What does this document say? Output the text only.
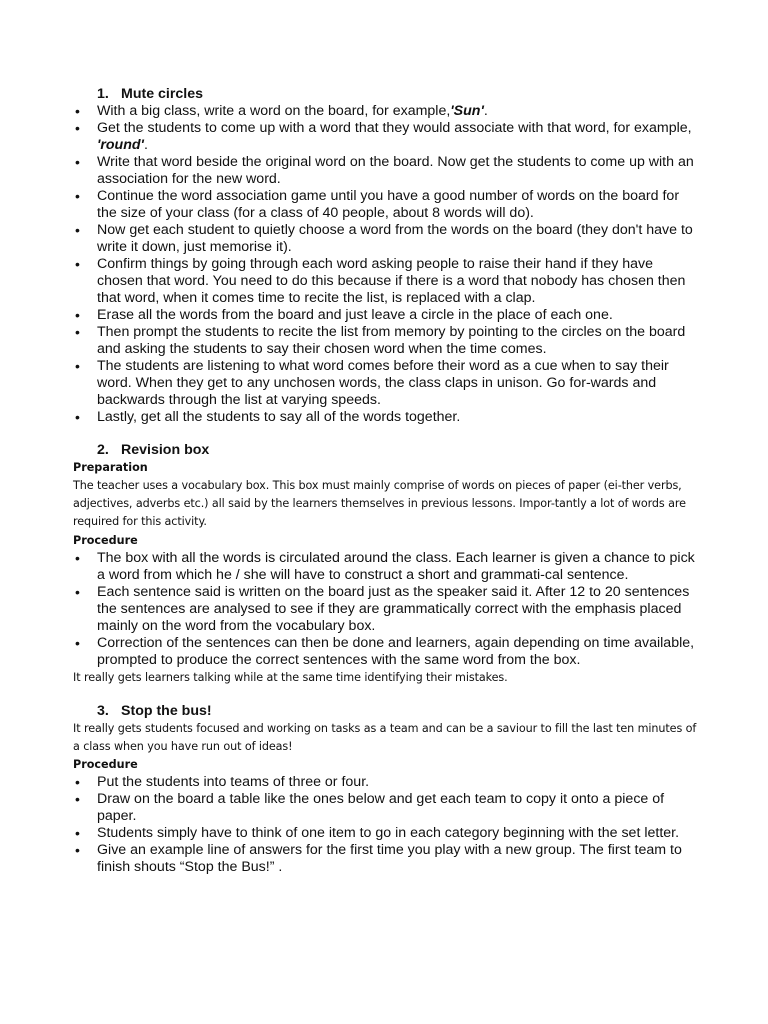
1. Mute circles
• With a big class, write a word on the board, for example,'Sun'.
• Get the students to come up with a word that they would associate with that word, for example, 'round'.
• Write that word beside the original word on the board. Now get the students to come up with an association for the new word.
• Continue the word association game until you have a good number of words on the board for the size of your class (for a class of 40 people, about 8 words will do).
• Now get each student to quietly choose a word from the words on the board (they don't have to write it down, just memorise it).
• Confirm things by going through each word asking people to raise their hand if they have chosen that word. You need to do this because if there is a word that nobody has chosen then that word, when it comes time to recite the list, is replaced with a clap.
• Erase all the words from the board and just leave a circle in the place of each one.
• Then prompt the students to recite the list from memory by pointing to the circles on the board and asking the students to say their chosen word when the time comes.
• The students are listening to what word comes before their word as a cue when to say their word. When they get to any unchosen words, the class claps in unison. Go for-wards and backwards through the list at varying speeds.
• Lastly, get all the students to say all of the words together.
2. Revision box

Preparation

The teacher uses a vocabulary box. This box must mainly comprise of words on pieces of paper (ei-ther verbs, adjectives, adverbs etc.) all said by the learners themselves in previous lessons. Impor-tantly a lot of words are required for this activity.

Procedure

• The box with all the words is circulated around the class. Each learner is given a chance to pick a word from which he / she will have to construct a short and grammati-cal sentence.
• Each sentence said is written on the board just as the speaker said it. After 12 to 20 sentences the sentences are analysed to see if they are grammatically correct with the emphasis placed mainly on the word from the vocabulary box.
• Correction of the sentences can then be done and learners, again depending on time available, prompted to produce the correct sentences with the same word from the box.

It really gets learners talking while at the same time identifying their mistakes.

3. Stop the bus!

It really gets students focused and working on tasks as a team and can be a saviour to fill the last ten minutes of a class when you have run out of ideas!

Procedure

• Put the students into teams of three or four.
• Draw on the board a table like the ones below and get each team to copy it onto a piece of paper.
• Students simply have to think of one item to go in each category beginning with the set letter.
• Give an example line of answers for the first time you play with a new group. The first team to finish shouts “Stop the Bus!” .
